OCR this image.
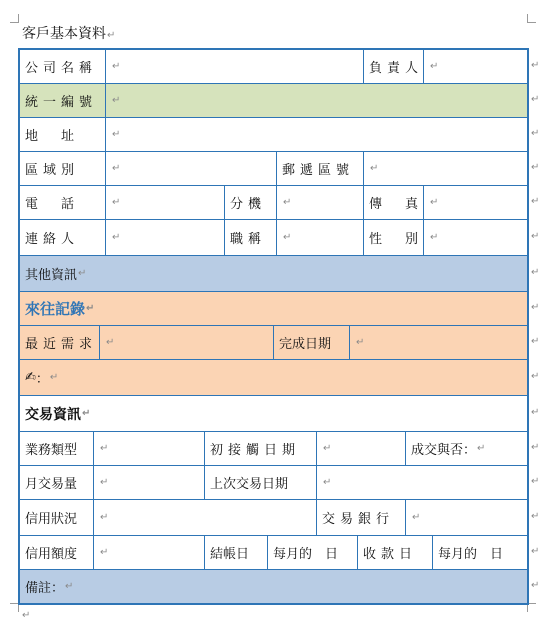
客戶基本資料↵
公司名稱 ↵	負責人 ↵
統一編號 ↵
地　址	↵
區域別	↵	郵遞區號 ↵
電　話	↵	分機 ↵	傳　真 ↵
連絡人	↵	職稱 ↵	性　別 ↵
其他資訊 ↵
來往記錄 ↵
最近需求 ↵	完成日期 ↵
✍ ： ↵
交易資訊 ↵
業務類型 ↵	初接觸日期 ↵	成交與否： ↵
月交易量 ↵	上次交易日期	↵
信用狀況 ↵	交易銀行 ↵
信用額度 ↵	結帳日 每月的　日 收款日 每月的　日
備註： ↵
↵
↵
↵
↵
↵
↵
↵
↵
↵
↵
↵
↵
↵
↵
↵
↵
↵
